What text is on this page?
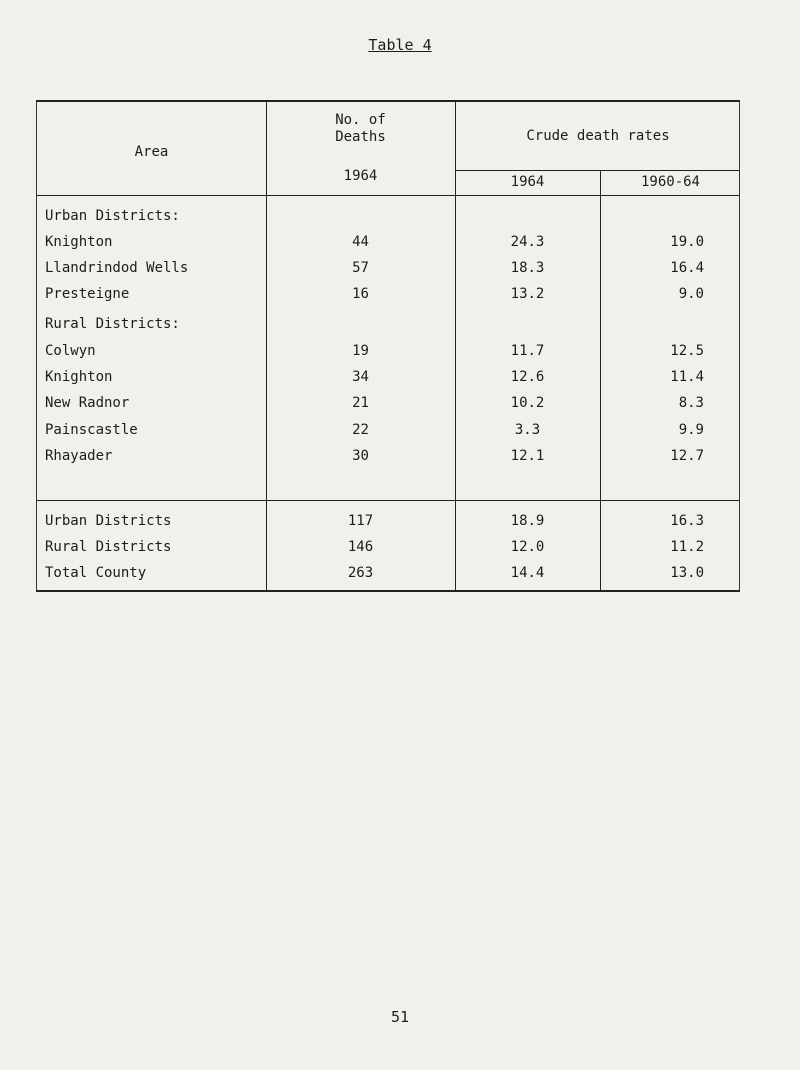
Table 4
Area
No. of
Deaths	Crude death rates
1964	1964	1960-64
Urban Districts:
Knighton	44	24.3	19.0
Llandrindod Wells	57	18.3	16.4
Presteigne	16	13.2	9.0
Rural Districts:
Colwyn	19	11.7	12.5
Knighton	34	12.6	11.4
New Radnor	21	10.2	8.3
Painscastle	22	3.3	9.9
Rhayader	30	12.1	12.7
Urban Districts	117	18.9	16.3
Rural Districts	146	12.0	11.2
Total County	263	14.4	13.0
51
